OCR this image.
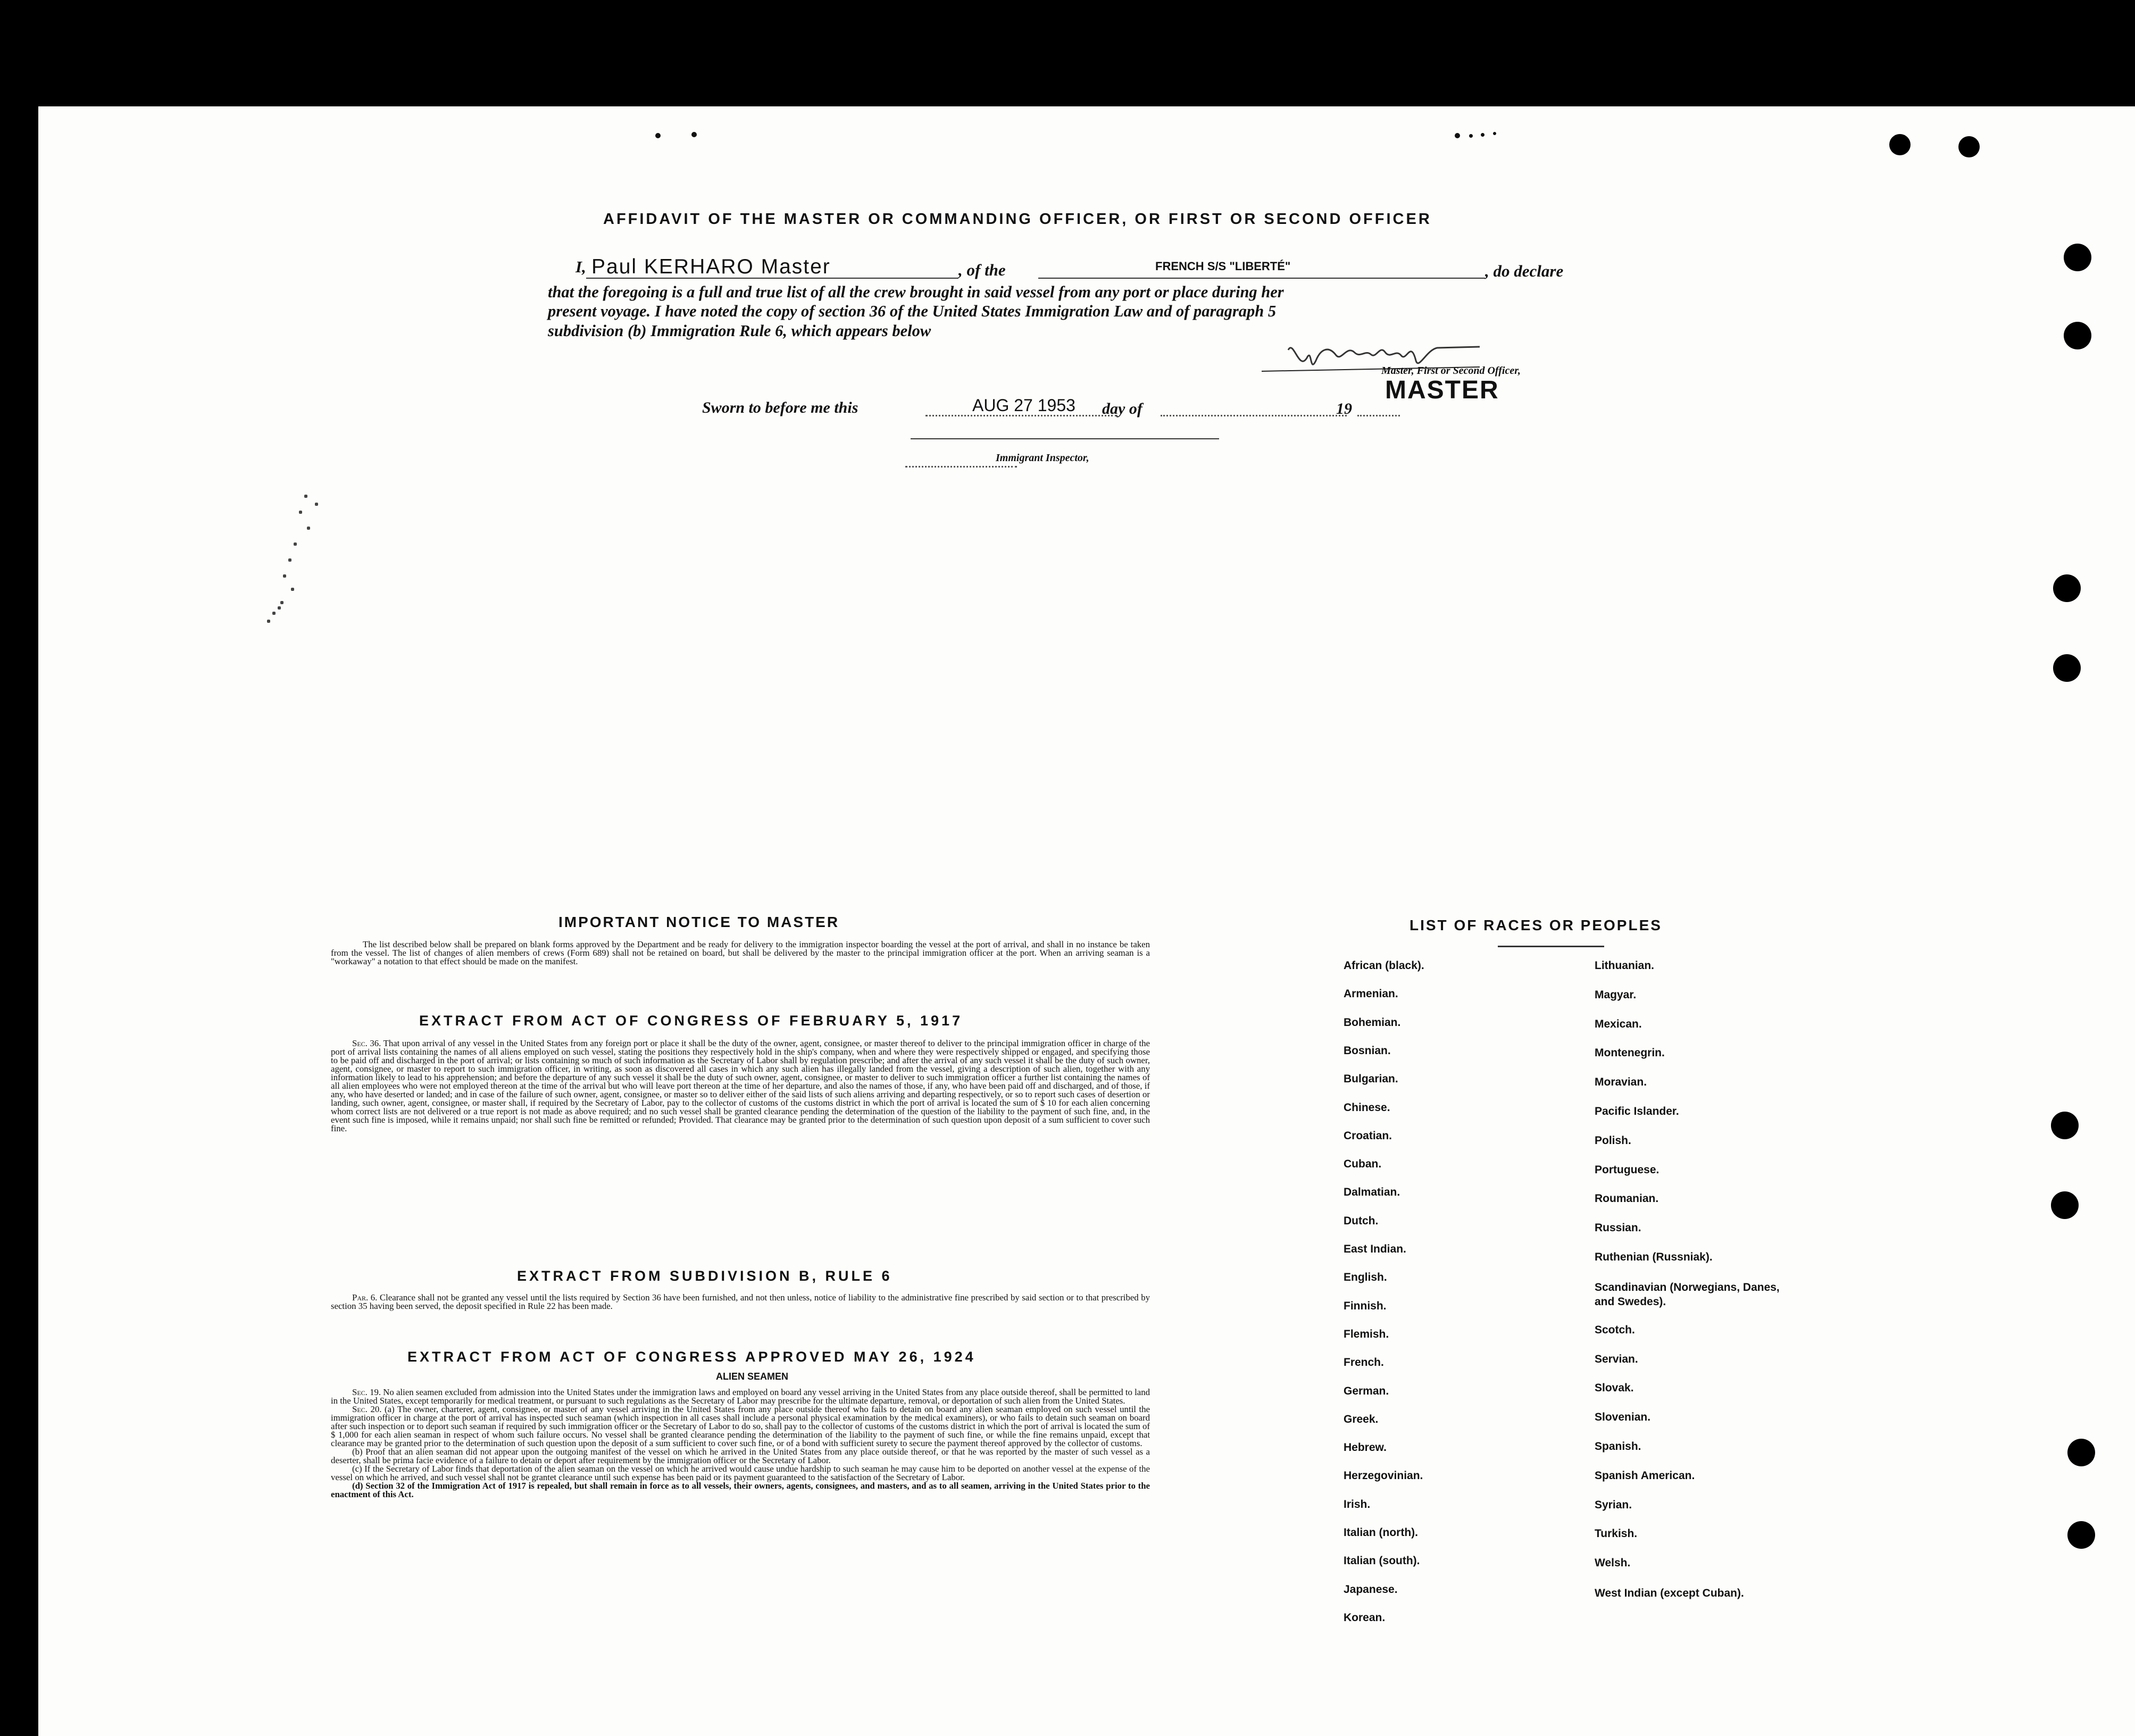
AFFIDAVIT OF THE MASTER OR COMMANDING OFFICER, OR FIRST OR SECOND OFFICER
I, Paul KERHARO Master	, of the	FRENCH S/S "LIBERTÉ"	, do declare
that the foregoing is a full and true list of all the crew brought in said vessel from any port or place during her
present voyage. I have noted the copy of section 36 of the United States Immigration Law and of paragraph 5
subdivision (b) Immigration Rule 6, which appears below
Master, First or Second Officer,
MASTER
Sworn to before me this	AUG 27 1953 day of	19
Immigrant Inspector,
IMPORTANT NOTICE TO MASTER
The list described below shall be prepared on blank forms approved by the Department and be ready for delivery to the immigration inspector boarding the vessel at the port of arrival, and shall in no instance be taken from the vessel. The list of changes of alien members of crews (Form 689) shall not be retained on board, but shall be delivered by the master to the principal immigration officer at the port. When an arriving seaman is a "workaway" a notation to that effect should be made on the manifest.
EXTRACT FROM ACT OF CONGRESS OF FEBRUARY 5, 1917
Sec. 36. That upon arrival of any vessel in the United States from any foreign port or place it shall be the duty of the owner, agent, consignee, or master thereof to deliver to the principal immigration officer in charge of the port of arrival lists containing the names of all aliens employed on such vessel, stating the positions they respectively hold in the ship's company, when and where they were respectively shipped or engaged, and specifying those to be paid off and discharged in the port of arrival; or lists containing so much of such information as the Secretary of Labor shall by regulation prescribe; and after the arrival of any such vessel it shall be the duty of such owner, agent, consignee, or master to report to such immigration officer, in writing, as soon as discovered all cases in which any such alien has illegally landed from the vessel, giving a description of such alien, together with any information likely to lead to his apprehension; and before the departure of any such vessel it shall be the duty of such owner, agent, consignee, or master to deliver to such immigration officer a further list containing the names of all alien employees who were not employed thereon at the time of the arrival but who will leave port thereon at the time of her departure, and also the names of those, if any, who have been paid off and discharged, and of those, if any, who have deserted or landed; and in case of the failure of such owner, agent, consignee, or master so to deliver either of the said lists of such aliens arriving and departing respectively, or so to report such cases of desertion or landing, such owner, agent, consignee, or master shall, if required by the Secretary of Labor, pay to the collector of customs of the customs district in which the port of arrival is located the sum of $ 10 for each alien concerning whom correct lists are not delivered or a true report is not made as above required; and no such vessel shall be granted clearance pending the determination of the question of the liability to the payment of such fine, and, in the event such fine is imposed, while it remains unpaid; nor shall such fine be remitted or refunded; Provided. That clearance may be granted prior to the determination of such question upon deposit of a sum sufficient to cover such fine.
EXTRACT FROM SUBDIVISION B, RULE 6
Par. 6. Clearance shall not be granted any vessel until the lists required by Section 36 have been furnished, and not then unless, notice of liability to the administrative fine prescribed by said section or to that prescribed by section 35 having been served, the deposit specified in Rule 22 has been made.
EXTRACT FROM ACT OF CONGRESS APPROVED MAY 26, 1924
ALIEN SEAMEN
Sec. 19. No alien seamen excluded from admission into the United States under the immigration laws and employed on board any vessel arriving in the United States from any place outside thereof, shall be permitted to land in the United States, except temporarily for medical treatment, or pursuant to such regulations as the Secretary of Labor may prescribe for the ultimate departure, removal, or deportation of such alien from the United States.
Sec. 20. (a) The owner, charterer, agent, consignee, or master of any vessel arriving in the United States from any place outside thereof who fails to detain on board any alien seaman employed on such vessel until the immigration officer in charge at the port of arrival has inspected such seaman (which inspection in all cases shall include a personal physical examination by the medical examiners), or who fails to detain such seaman on board after such inspection or to deport such seaman if required by such immigration officer or the Secretary of Labor to do so, shall pay to the collector of customs of the customs district in which the port of arrival is located the sum of $ 1,000 for each alien seaman in respect of whom such failure occurs. No vessel shall be granted clearance pending the determination of the liability to the payment of such fine, or while the fine remains unpaid, except that clearance may be granted prior to the determination of such question upon the deposit of a sum sufficient to cover such fine, or of a bond with sufficient surety to secure the payment thereof approved by the collector of customs.
(b) Proof that an alien seaman did not appear upon the outgoing manifest of the vessel on which he arrived in the United States from any place outside thereof, or that he was reported by the master of such vessel as a deserter, shall be prima facie evidence of a failure to detain or deport after requirement by the immigration officer or the Secretary of Labor.
(c) If the Secretary of Labor finds that deportation of the alien seaman on the vessel on which he arrived would cause undue hardship to such seaman he may cause him to be deported on another vessel at the expense of the vessel on which he arrived, and such vessel shall not be grantet clearance until such expense has been paid or its payment guaranteed to the satisfaction of the Secretary of Labor.
(d) Section 32 of the Immigration Act of 1917 is repealed, but shall remain in force as to all vessels, their owners, agents, consignees, and masters, and as to all seamen, arriving in the United States prior to the enactment of this Act.
LIST OF RACES OR PEOPLES
African (black).
Armenian.
Bohemian.
Bosnian.
Bulgarian.
Chinese.
Croatian.
Cuban.
Dalmatian.
Dutch.
East Indian.
English.
Finnish.
Flemish.
French.
German.
Greek.
Hebrew.
Herzegovinian.
Irish.
Italian (north).
Italian (south).
Japanese.
Korean.
Lithuanian.
Magyar.
Mexican.
Montenegrin.
Moravian.
Pacific Islander.
Polish.
Portuguese.
Roumanian.
Russian.
Ruthenian (Russniak).
Scandinavian (Norwegians, Danes, and Swedes).
Scotch.
Servian.
Slovak.
Slovenian.
Spanish.
Spanish American.
Syrian.
Turkish.
Welsh.
West Indian (except Cuban).
